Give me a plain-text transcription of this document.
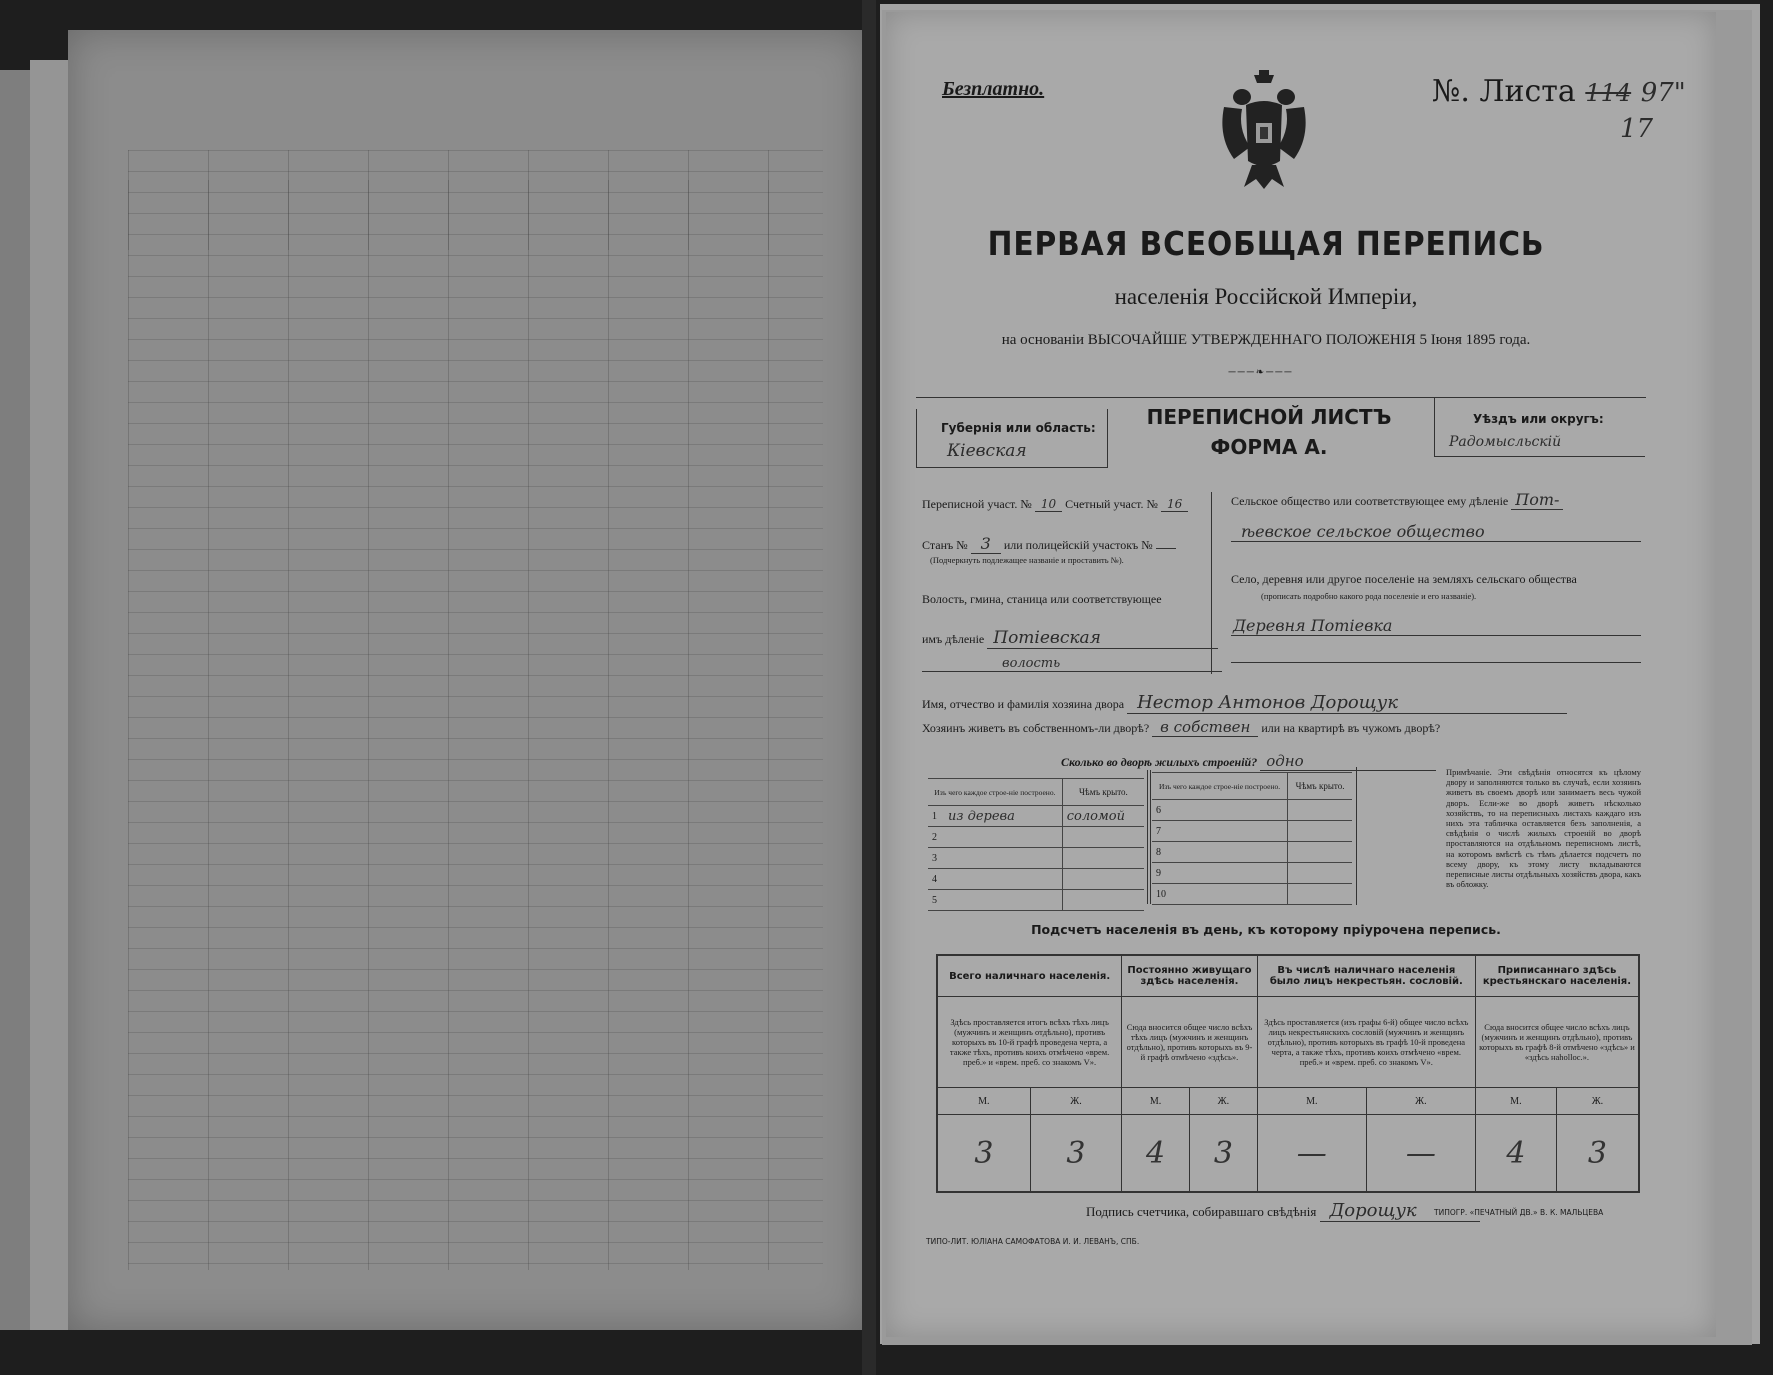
Безплатно.	№. Листа 114 97"
17
ПЕРВАЯ ВСЕОБЩАЯ ПЕРЕПИСЬ
населенія Россійской Имперіи,
на основаніи ВЫСОЧАЙШЕ УТВЕРЖДЕННАГО ПОЛОЖЕНІЯ 5 Іюня 1895 года.
───❧───
Губернія или область:
Кіевская
ПЕРЕПИСНОЙ ЛИСТЪ
ФОРМА А.
Уѣздъ или округъ:
Радомысльскій
Переписной участ. № 10 Счетный участ. № 16
Станъ № 3 или полицейскій участокъ №
(Подчеркнуть подлежащее названіе и проставить №).
Волость, гмина, станица или соответствующее
имъ дѣленіе Потіевская
волость
Сельское общество или соответствующее ему дѣленіе Пот-
ѣевское сельское общество
Село, деревня или другое поселеніе на земляхъ сельскаго общества
(прописать подробно какого рода поселеніе и его названіе).
Деревня Потіевка
Имя, отчество и фамилія хозяина двора Нестор Антонов Дорощук
Хозяинъ живетъ въ собственномъ-ли дворѣ? в собствен или на квартирѣ въ чужомъ дворѣ?
Сколько во дворѣ жилыхъ строеній? одно
Изъ чего каждое строе-ніе построено.		Чѣмъ крыто.
1	из дерева	соломой
2		
3		
4		
5		
Изъ чего каждое строе-ніе построено.		Чѣмъ крыто.
6		
7		
8		
9		
10		
Примѣчаніе. Эти свѣдѣнія относятся къ цѣлому двору и заполняются только въ случаѣ, если хозяинъ живетъ въ своемъ дворѣ или занимаетъ весь чужой дворъ. Если-же во дворѣ живетъ нѣсколько хозяйствъ, то на переписныхъ листахъ каждаго изъ нихъ эта табличка оставляется безъ заполненія, а свѣдѣнія о числѣ жилыхъ строеній во дворѣ проставляются на отдѣльномъ переписномъ листѣ, на которомъ вмѣстѣ съ тѣмъ дѣлается подсчетъ по всему двору, къ этому листу вкладываются переписные листы отдѣльныхъ хозяйствъ двора, какъ въ обложку.
Подсчетъ населенія въ день, къ которому пріурочена перепись.
Всего наличнаго населенія.		Постоянно живущаго здѣсь населенія.		Въ числѣ наличнаго населенія было лицъ некрестьян. сословій.		Приписаннаго здѣсь крестьянскаго населенія.	
Здѣсь проставляется итогъ всѣхъ тѣхъ лицъ (мужчинъ и женщинъ отдѣльно), противъ которыхъ въ 10-й графѣ проведена черта, а также тѣхъ, противъ коихъ отмѣчено «врем. преб.» и «врем. преб. со знакомъ V».		Сюда вносится общее число всѣхъ тѣхъ лицъ (мужчинъ и женщинъ отдѣльно), противъ которыхъ въ 9-й графѣ отмѣчено «здѣсь».		Здѣсь проставляется (изъ графы 6-й) общее число всѣхъ лицъ некрестьянскихъ сословій (мужчинъ и женщинъ отдѣльно), противъ которыхъ въ графѣ 10-й проведена черта, а также тѣхъ, противъ коихъ отмѣчено «врем. преб.» и «врем. преб. со знакомъ V».		Сюда вносится общее число всѣхъ лицъ (мужчинъ и женщинъ отдѣльно), противъ которыхъ въ графѣ 8-й отмѣчено «здѣсь» и «здѣсь наholloс.».	
М.	Ж.	М.	Ж.	М.	Ж.	М.	Ж.
3	3	4	3	—	—	4	3
Подпись счетчика, собиравшаго свѣдѣнія Дорощук
ТИПО-ЛИТ. ЮЛІАНА САМОФАТОВА И. И. ЛЕВАНЪ, СПБ.
ТИПОГР. «ПЕЧАТНЫЙ ДВ.» В. К. МАЛЬЦЕВА
